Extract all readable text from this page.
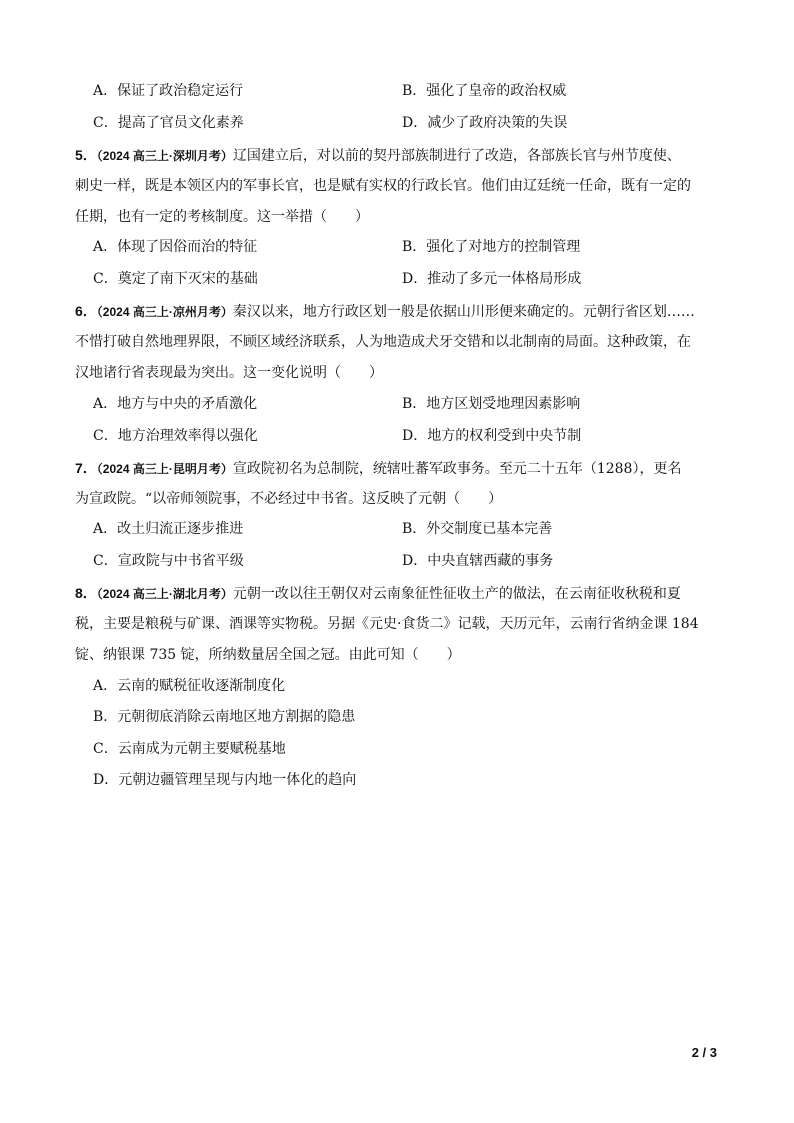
A．保证了政治稳定运行	B．强化了皇帝的政治权威
C．提高了官员文化素养	D．减少了政府决策的失误
5．（2024 高三上·深圳月考）辽国建立后，对以前的契丹部族制进行了改造，各部族长官与州节度使、
刺史一样，既是本领区内的军事长官，也是赋有实权的行政长官。他们由辽廷统一任命，既有一定的
任期，也有一定的考核制度。这一举措（　　）
A．体现了因俗而治的特征	B．强化了对地方的控制管理
C．奠定了南下灭宋的基础	D．推动了多元一体格局形成
6．（2024 高三上·凉州月考）秦汉以来，地方行政区划一般是依据山川形便来确定的。元朝行省区划……
不惜打破自然地理界限，不顾区域经济联系，人为地造成犬牙交错和以北制南的局面。这种政策，在
汉地诸行省表现最为突出。这一变化说明（　　）
A．地方与中央的矛盾激化	B．地方区划受地理因素影响
C．地方治理效率得以强化	D．地方的权利受到中央节制
7．（2024 高三上·昆明月考）宣政院初名为总制院，统辖吐蕃军政事务。至元二十五年（1288），更名
为宣政院。“以帝师领院事，不必经过中书省。这反映了元朝（　　）
A．改土归流正逐步推进	B．外交制度已基本完善
C．宣政院与中书省平级	D．中央直辖西藏的事务
8．（2024 高三上·湖北月考）元朝一改以往王朝仅对云南象征性征收土产的做法，在云南征收秋税和夏
税，主要是粮税与矿课、酒课等实物税。另据《元史·食货二》记载，天历元年，云南行省纳金课 184
锭、纳银课 735 锭，所纳数量居全国之冠。由此可知（　　）
A．云南的赋税征收逐渐制度化
B．元朝彻底消除云南地区地方割据的隐患
C．云南成为元朝主要赋税基地
D．元朝边疆管理呈现与内地一体化的趋向
2 / 3
